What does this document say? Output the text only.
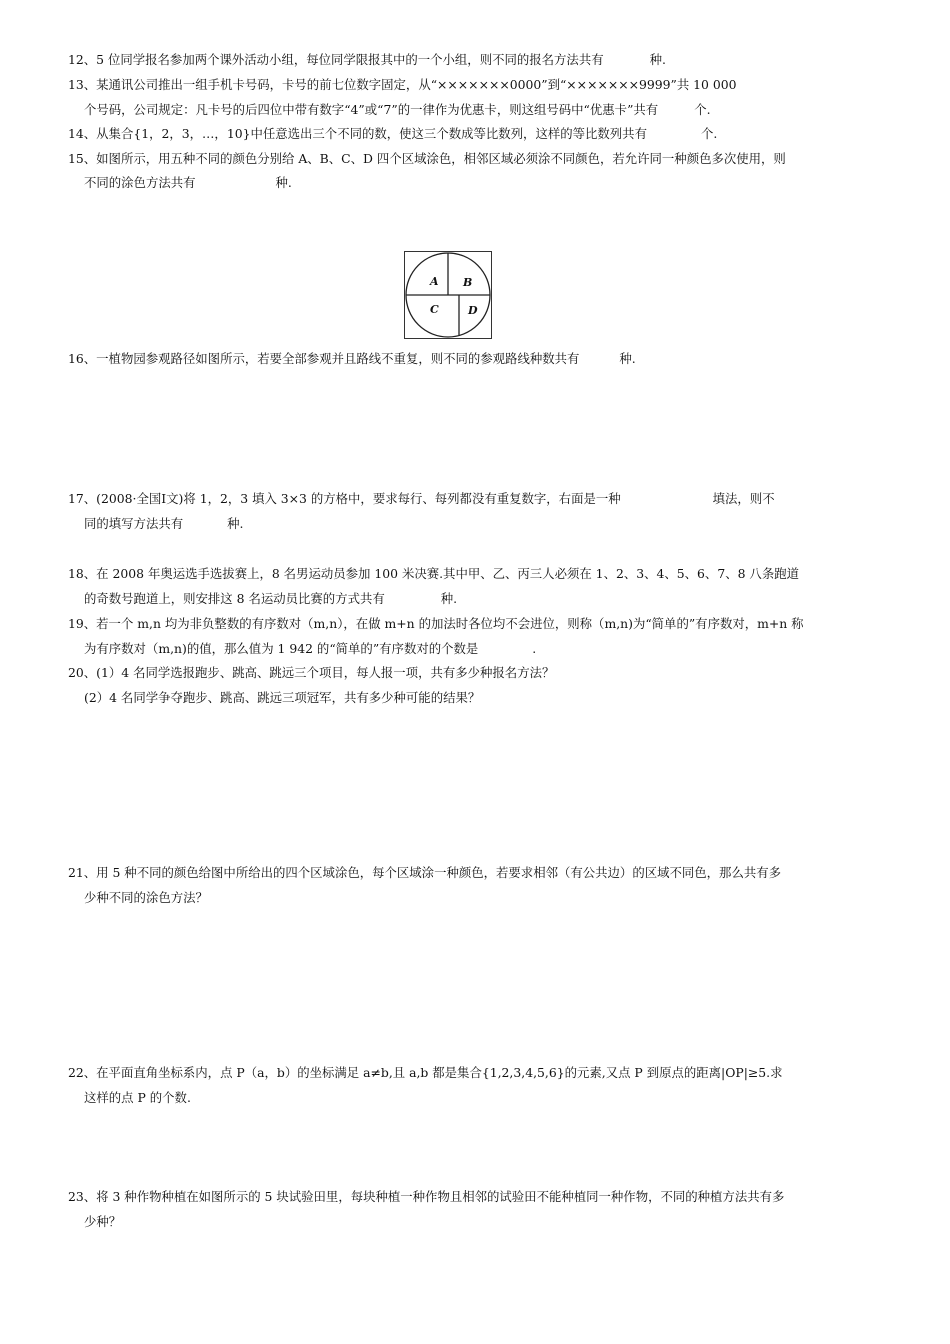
12、5 位同学报名参加两个课外活动小组，每位同学限报其中的一个小组，则不同的报名方法共有	种.
13、某通讯公司推出一组手机卡号码，卡号的前七位数字固定，从“×××××××0000”到“×××××××9999”共 10 000
个号码，公司规定：凡卡号的后四位中带有数字“4”或“7”的一律作为优惠卡，则这组号码中“优惠卡”共有	个.
14、从集合{1，2，3，…，10}中任意选出三个不同的数，使这三个数成等比数列，这样的等比数列共有	个.
15、如图所示，用五种不同的颜色分别给 A、B、C、D 四个区域涂色，相邻区域必须涂不同颜色，若允许同一种颜色多次使用，则
不同的涂色方法共有	种.
A B
C	D
16、一植物园参观路径如图所示，若要全部参观并且路线不重复，则不同的参观路线种数共有	种.
17、(2008·全国Ⅰ文)将 1，2，3 填入 3×3 的方格中，要求每行、每列都没有重复数字，右面是一种	填法，则不
同的填写方法共有	种.
18、在 2008 年奥运选手选拔赛上，8 名男运动员参加 100 米决赛.其中甲、乙、丙三人必须在 1、2、3、4、5、6、7、8 八条跑道
的奇数号跑道上，则安排这 8 名运动员比赛的方式共有	种.
19、若一个 m,n 均为非负整数的有序数对（m,n），在做 m+n 的加法时各位均不会进位，则称（m,n)为“简单的”有序数对，m+n 称
为有序数对（m,n)的值，那么值为 1 942 的“简单的”有序数对的个数是	.
20、(1）4 名同学选报跑步、跳高、跳远三个项目，每人报一项，共有多少种报名方法？
(2）4 名同学争夺跑步、跳高、跳远三项冠军，共有多少种可能的结果？
21、用 5 种不同的颜色给图中所给出的四个区域涂色，每个区域涂一种颜色，若要求相邻（有公共边）的区域不同色，那么共有多
少种不同的涂色方法？
22、在平面直角坐标系内，点 P（a，b）的坐标满足 a≠b,且 a,b 都是集合{1,2,3,4,5,6}的元素,又点 P 到原点的距离|OP|≥5.求
这样的点 P 的个数.
23、将 3 种作物种植在如图所示的 5 块试验田里，每块种植一种作物且相邻的试验田不能种植同一种作物，不同的种植方法共有多
少种？
